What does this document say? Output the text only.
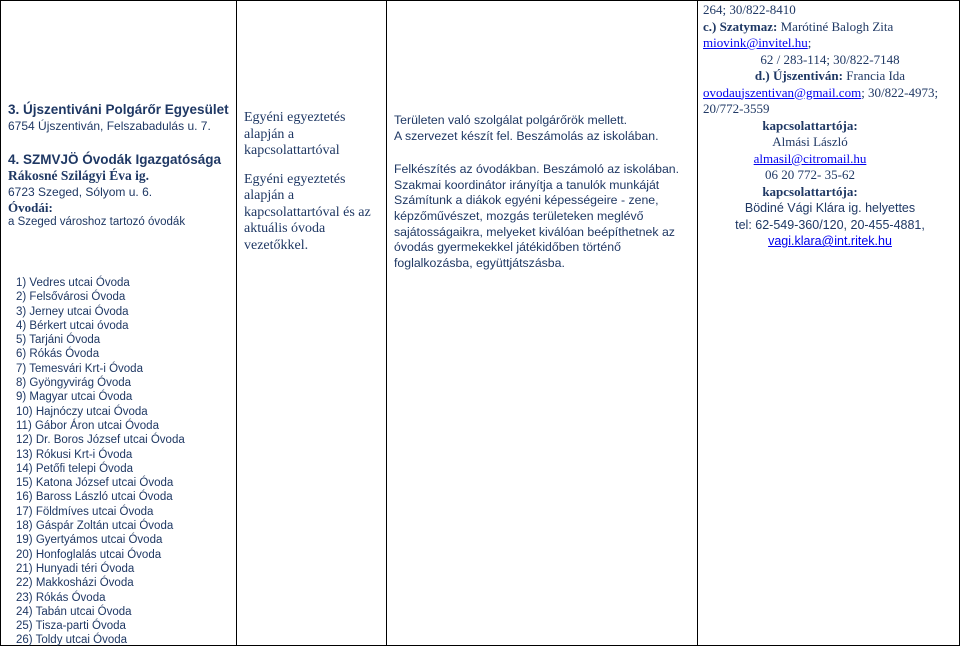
3. Újszentiváni Polgárőr Egyesület
6754 Újszentiván, Felszabadulás u. 7.
4. SZMVJÖ Óvodák Igazgatósága
Rákosné Szilágyi Éva ig.
6723 Szeged, Sólyom u. 6.
Óvodái:
a Szeged városhoz tartozó óvodák
1) Vedres utcai Óvoda
2) Felsővárosi Óvoda
3) Jerney utcai Óvoda
4) Bérkert utcai óvoda
5) Tarjáni Óvoda
6) Rókás Óvoda
7) Temesvári Krt-i Óvoda
8) Gyöngyvirág Óvoda
9) Magyar utcai Óvoda
10) Hajnóczy utcai Óvoda
11) Gábor Áron utcai Óvoda
12) Dr. Boros József utcai Óvoda
13) Rókusi Krt-i Óvoda
14) Petőfi telepi Óvoda
15) Katona József utcai Óvoda
16) Baross László utcai Óvoda
17) Földmíves utcai Óvoda
18) Gáspár Zoltán utcai Óvoda
19) Gyertyámos utcai Óvoda
20) Honfoglalás utcai Óvoda
21) Hunyadi téri Óvoda
22) Makkosházi Óvoda
23) Rókás Óvoda
24) Tabán utcai Óvoda
25) Tisza-parti Óvoda
26) Toldy utcai Óvoda
Egyéni egyeztetés
alapján a
kapcsolattartóval
Egyéni egyeztetés
alapján a
kapcsolattartóval és az
aktuális óvoda
vezetőkkel.
Területen való szolgálat polgárőrök mellett.
A szervezet készít fel. Beszámolás az iskolában.
Felkészítés az óvodákban. Beszámoló az iskolában.
Szakmai koordinátor irányítja a tanulók munkáját
Számítunk a diákok egyéni képességeire - zene,
képzőművészet, mozgás területeken meglévő
sajátosságaikra, melyeket kiválóan beépíthetnek az
óvodás gyermekekkel játékidőben történő
foglalkozásba, együttjátszásba.
264; 30/822-8410
c.) Szatymaz: Marótiné Balogh Zita
miovink@invitel.hu;
62 / 283-114; 30/822-7148
d.) Újszentiván: Francia Ida
ovodaujszentivan@gmail.com; 30/822-4973;
20/772-3559
kapcsolattartója:
Almási László
almasil@citromail.hu
06 20 772- 35-62
kapcsolattartója:
Bödiné Vági Klára ig. helyettes
tel: 62-549-360/120, 20-455-4881,
vagi.klara@int.ritek.hu
